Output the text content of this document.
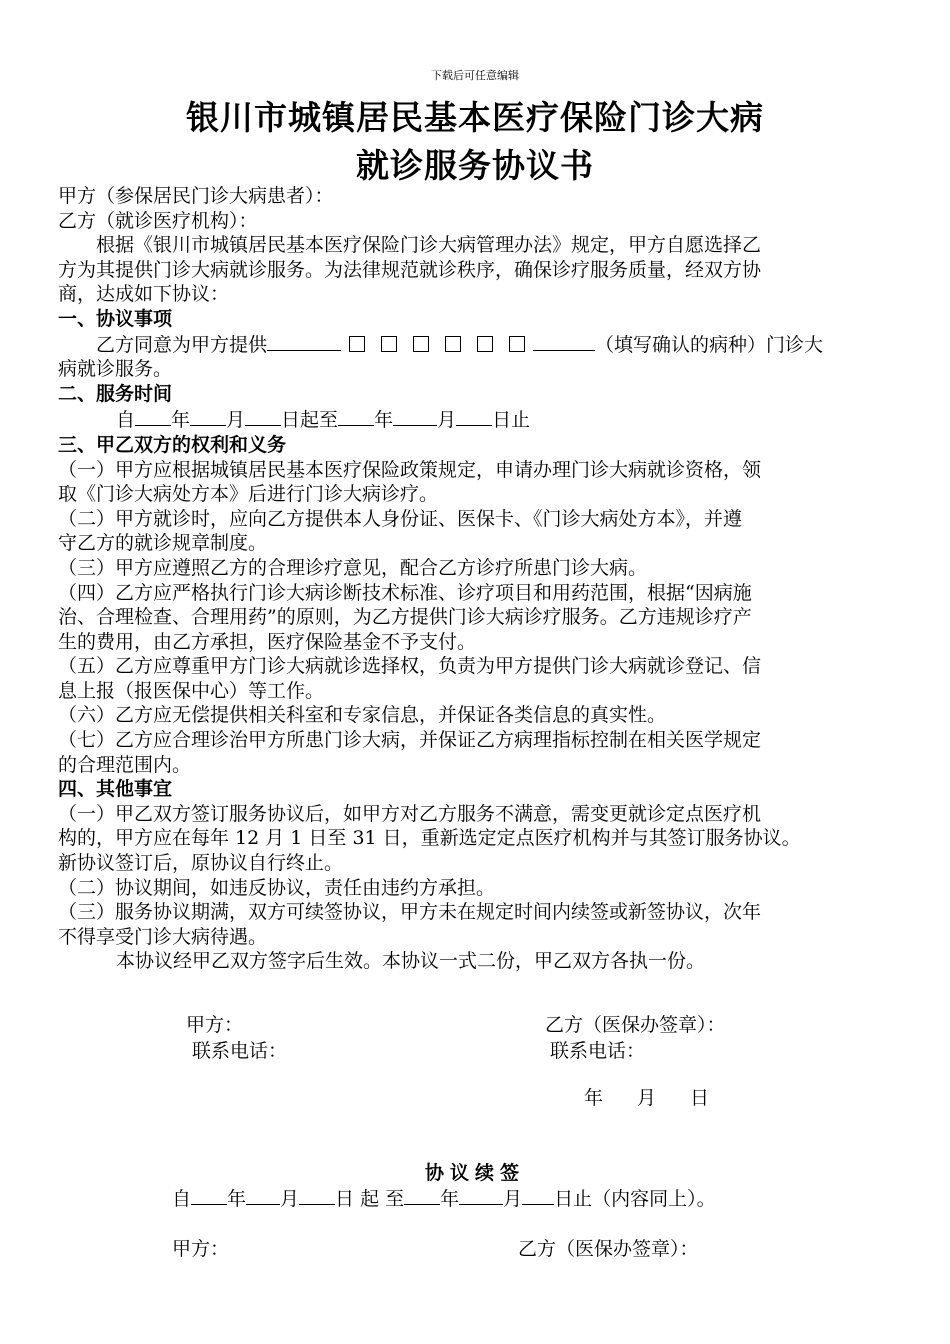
下载后可任意编辑
银川市城镇居民基本医疗保险门诊大病
就诊服务协议书
甲方（参保居民门诊大病患者）：
乙方（就诊医疗机构）：
根据《银川市城镇居民基本医疗保险门诊大病管理办法》规定，甲方自愿选择乙
方为其提供门诊大病就诊服务。为法律规范就诊秩序，确保诊疗服务质量，经双方协
商，达成如下协议：
一、协议事项
乙方同意为甲方提供	（填写确认的病种）门诊大
病就诊服务。
二、服务时间
自 年 月 日起至 年 月 日止
三、甲乙双方的权利和义务
（一）甲方应根据城镇居民基本医疗保险政策规定，申请办理门诊大病就诊资格，领
取《门诊大病处方本》后进行门诊大病诊疗。
（二）甲方就诊时，应向乙方提供本人身份证、医保卡、《门诊大病处方本》，并遵
守乙方的就诊规章制度。
（三）甲方应遵照乙方的合理诊疗意见，配合乙方诊疗所患门诊大病。
（四）乙方应严格执行门诊大病诊断技术标准、诊疗项目和用药范围，根据“因病施
治、合理检查、合理用药”的原则，为乙方提供门诊大病诊疗服务。乙方违规诊疗产
生的费用，由乙方承担，医疗保险基金不予支付。
（五）乙方应尊重甲方门诊大病就诊选择权，负责为甲方提供门诊大病就诊登记、信
息上报（报医保中心）等工作。
（六）乙方应无偿提供相关科室和专家信息，并保证各类信息的真实性。
（七）乙方应合理诊治甲方所患门诊大病，并保证乙方病理指标控制在相关医学规定
的合理范围内。
四、其他事宜
（一）甲乙双方签订服务协议后，如甲方对乙方服务不满意，需变更就诊定点医疗机
构的，甲方应在每年 12 月 1 日至 31 日，重新选定定点医疗机构并与其签订服务协议。
新协议签订后，原协议自行终止。
（二）协议期间，如违反协议，责任由违约方承担。
（三）服务协议期满，双方可续签协议，甲方未在规定时间内续签或新签协议，次年
不得享受门诊大病待遇。
本协议经甲乙双方签字后生效。本协议一式二份，甲乙双方各执一份。
甲方：
联系电话：
乙方（医保办签章）：
联系电话：
年 月 日
协议续签
自 年 月 日 起 至 年 月 日止（内容同上）。
甲方：	乙方（医保办签章）：
